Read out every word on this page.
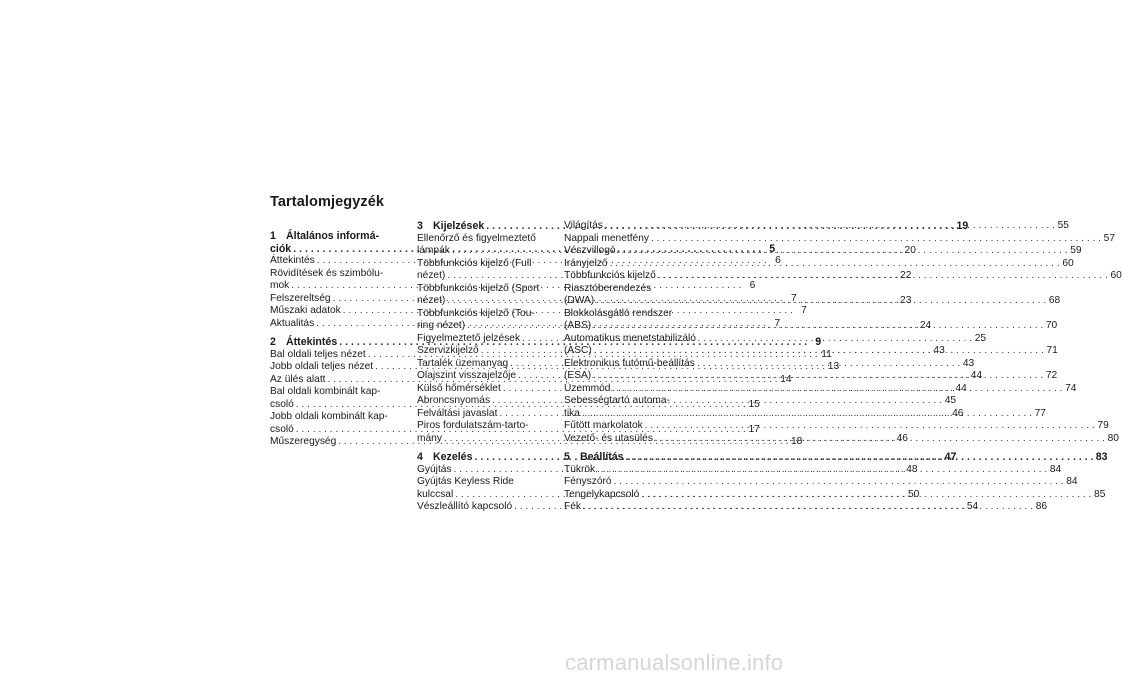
Tartalomjegyzék
1 Általános informá-
ciók . . .	5
Áttekintés . . .	6
Rövidítések és szimbólu-
mok . . .	6
Felszereltség . . .	7
Műszaki adatok . . .	7
Aktualitás . . .	7
2 Áttekintés . . .	9
Bal oldali teljes nézet . . .	11
Jobb oldali teljes nézet . . .	13
Az ülés alatt . . .	14
Bal oldali kombinált kap-
csoló . . .	15
Jobb oldali kombinált kap-
csoló . . .	17
Műszeregység . . .	18
3 Kijelzések . . .	19
Ellenőrző és figyelmeztető
lámpák . . .	20
Többfunkciós kijelző (Full
nézet) . . .	22
Többfunkciós kijelző (Sport
nézet) . . .	23
Többfunkciós kijelző (Tou-
ring nézet) . . .	24
Figyelmeztető jelzések . . .	25
Szervizkijelző . . .	43
Tartalék üzemanyag . . .	43
Olajszint visszajelzője . . .	44
Külső hőmérséklet . . .	44
Abroncsnyomás . . .	45
Felváltási javaslat . . .	46
Piros fordulatszám-tarto-
mány . . .	46
4 Kezelés . . .	47
Gyújtás . . .	48
Gyújtás Keyless Ride
kulccsal . . .	50
Vészleállító kapcsoló . . .	54
Világítás . . .	55
Nappali menetfény . . .	57
Vészvillogó . . .	59
Irányjelző . . .	60
Többfunkciós kijelző . . .	60
Riasztóberendezés
(DWA) . . .	68
Blokkolásgátló rendszer
(ABS) . . .	70
Automatikus menetstabilizáló
(ASC) . . .	71
Elektronikus futómű-beállítás
(ESA) . . .	72
Üzemmód . . .	74
Sebességtartó automa-
tika . . .	77
Fűtött markolatok . . .	79
Vezető- és utasülés . . .	80
5 Beállítás . . .	83
Tükrök . . .	84
Fényszóró . . .	84
Tengelykapcsoló . . .	85
Fék . . .	86
carmanualsonline.info
